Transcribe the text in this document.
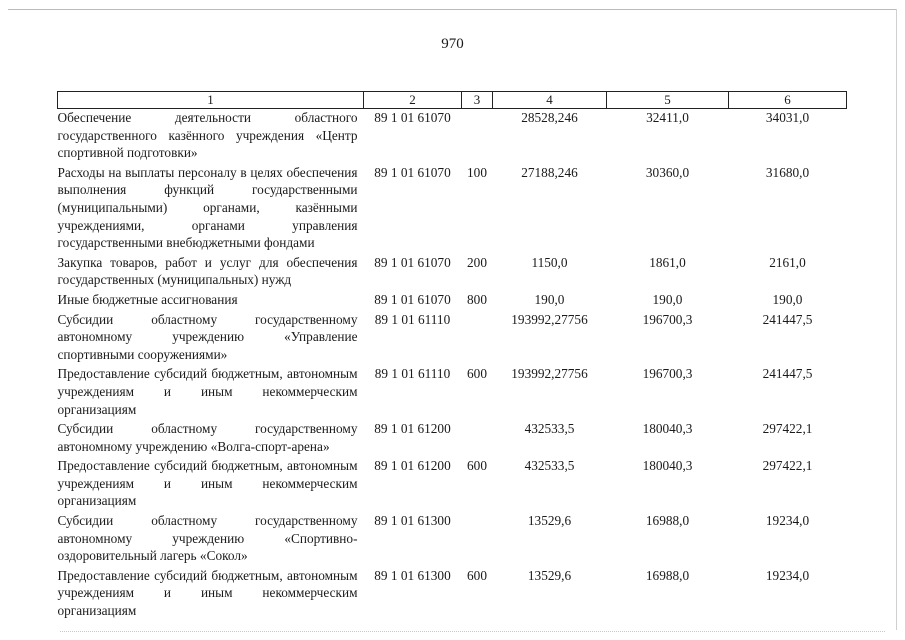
970
1	2	3	4	5	6
Обеспечение деятельности областного государственного казённого учреждения «Центр спортивной подготовки»	89 1 01 61070		28528,246	32411,0	34031,0
Расходы на выплаты персоналу в целях обеспечения выполнения функций государственными (муниципальными) органами, казёнными учреждениями, органами управления государственными внебюджетными фондами	89 1 01 61070	100	27188,246	30360,0	31680,0
Закупка товаров, работ и услуг для обеспечения государственных (муниципальных) нужд	89 1 01 61070	200	1150,0	1861,0	2161,0
Иные бюджетные ассигнования	89 1 01 61070	800	190,0	190,0	190,0
Субсидии областному государственному автономному учреждению «Управление спортивными сооружениями»	89 1 01 61110		193992,27756	196700,3	241447,5
Предоставление субсидий бюджетным, автономным учреждениям и иным некоммерческим организациям	89 1 01 61110	600	193992,27756	196700,3	241447,5
Субсидии областному государственному автономному учреждению «Волга-спорт-арена»	89 1 01 61200		432533,5	180040,3	297422,1
Предоставление субсидий бюджетным, автономным учреждениям и иным некоммерческим организациям	89 1 01 61200	600	432533,5	180040,3	297422,1
Субсидии областному государственному автономному учреждению «Спортивно-оздоровительный лагерь «Сокол»	89 1 01 61300		13529,6	16988,0	19234,0
Предоставление субсидий бюджетным, автономным учреждениям и иным некоммерческим организациям	89 1 01 61300	600	13529,6	16988,0	19234,0
